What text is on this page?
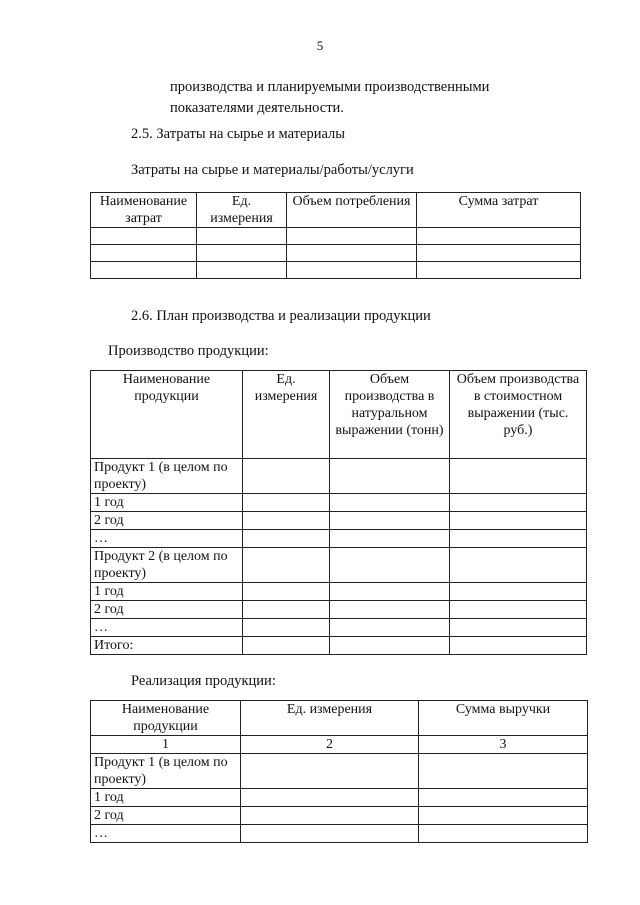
5
производства и планируемыми производственными
показателями деятельности.
2.5. Затраты на сырье и материалы
Затраты на сырье и материалы/работы/услуги
Наименование затрат	Ед. измерения	Объем потребления	Сумма затрат

2.6. План производства и реализации продукции
Производство продукции:
Наименование продукции	Ед. измерения	Объем производства в натуральном выражении (тонн)	Объем производства в стоимостном выражении (тыс. руб.)
Продукт 1 (в целом по проекту)			
1 год			
2 год			
…			
Продукт 2 (в целом по проекту)			
1 год			
2 год			
…			
Итого:			
Реализация продукции:
Наименование продукции	Ед. измерения	Сумма выручки
1	2	3
Продукт 1 (в целом по проекту)		
1 год		
2 год		
…		
